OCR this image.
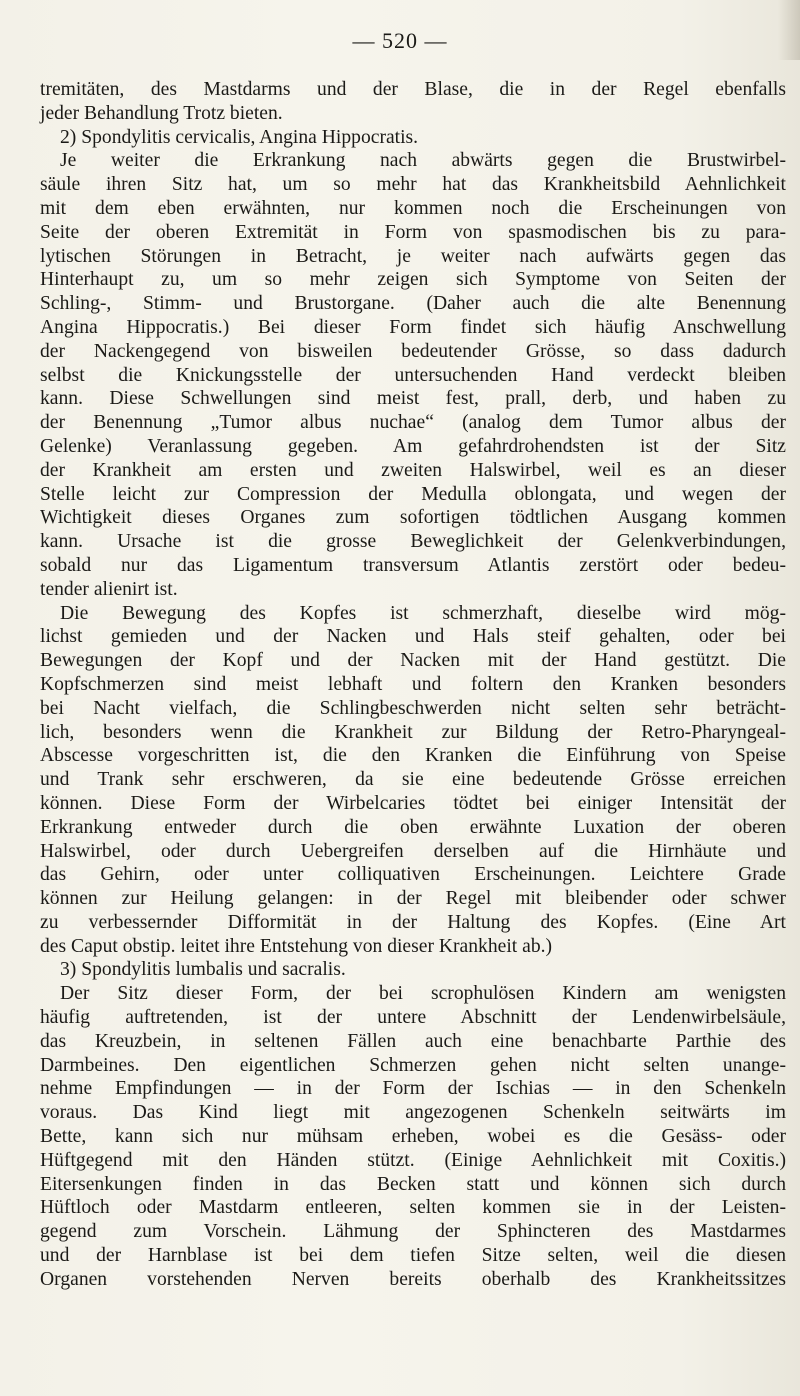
— 520 —
tremitäten, des Mastdarms und der Blase, die in der Regel ebenfalls
jeder Behandlung Trotz bieten.
2) Spondylitis cervicalis, Angina Hippocratis.
Je weiter die Erkrankung nach abwärts gegen die Brustwirbel-
säule ihren Sitz hat, um so mehr hat das Krankheitsbild Aehnlichkeit
mit dem eben erwähnten, nur kommen noch die Erscheinungen von
Seite der oberen Extremität in Form von spasmodischen bis zu para-
lytischen Störungen in Betracht, je weiter nach aufwärts gegen das
Hinterhaupt zu, um so mehr zeigen sich Symptome von Seiten der
Schling-, Stimm- und Brustorgane. (Daher auch die alte Benennung
Angina Hippocratis.) Bei dieser Form findet sich häufig Anschwellung
der Nackengegend von bisweilen bedeutender Grösse, so dass dadurch
selbst die Knickungsstelle der untersuchenden Hand verdeckt bleiben
kann. Diese Schwellungen sind meist fest, prall, derb, und haben zu
der Benennung „Tumor albus nuchae“ (analog dem Tumor albus der
Gelenke) Veranlassung gegeben. Am gefahrdrohendsten ist der Sitz
der Krankheit am ersten und zweiten Halswirbel, weil es an dieser
Stelle leicht zur Compression der Medulla oblongata, und wegen der
Wichtigkeit dieses Organes zum sofortigen tödtlichen Ausgang kommen
kann. Ursache ist die grosse Beweglichkeit der Gelenkverbindungen,
sobald nur das Ligamentum transversum Atlantis zerstört oder bedeu-
tender alienirt ist.
Die Bewegung des Kopfes ist schmerzhaft, dieselbe wird mög-
lichst gemieden und der Nacken und Hals steif gehalten, oder bei
Bewegungen der Kopf und der Nacken mit der Hand gestützt. Die
Kopfschmerzen sind meist lebhaft und foltern den Kranken besonders
bei Nacht vielfach, die Schlingbeschwerden nicht selten sehr beträcht-
lich, besonders wenn die Krankheit zur Bildung der Retro-Pharyngeal-
Abscesse vorgeschritten ist, die den Kranken die Einführung von Speise
und Trank sehr erschweren, da sie eine bedeutende Grösse erreichen
können. Diese Form der Wirbelcaries tödtet bei einiger Intensität der
Erkrankung entweder durch die oben erwähnte Luxation der oberen
Halswirbel, oder durch Uebergreifen derselben auf die Hirnhäute und
das Gehirn, oder unter colliquativen Erscheinungen. Leichtere Grade
können zur Heilung gelangen: in der Regel mit bleibender oder schwer
zu verbessernder Difformität in der Haltung des Kopfes. (Eine Art
des Caput obstip. leitet ihre Entstehung von dieser Krankheit ab.)
3) Spondylitis lumbalis und sacralis.
Der Sitz dieser Form, der bei scrophulösen Kindern am wenigsten
häufig auftretenden, ist der untere Abschnitt der Lendenwirbelsäule,
das Kreuzbein, in seltenen Fällen auch eine benachbarte Parthie des
Darmbeines. Den eigentlichen Schmerzen gehen nicht selten unange-
nehme Empfindungen — in der Form der Ischias — in den Schenkeln
voraus. Das Kind liegt mit angezogenen Schenkeln seitwärts im
Bette, kann sich nur mühsam erheben, wobei es die Gesäss- oder
Hüftgegend mit den Händen stützt. (Einige Aehnlichkeit mit Coxitis.)
Eitersenkungen finden in das Becken statt und können sich durch
Hüftloch oder Mastdarm entleeren, selten kommen sie in der Leisten-
gegend zum Vorschein. Lähmung der Sphincteren des Mastdarmes
und der Harnblase ist bei dem tiefen Sitze selten, weil die diesen
Organen vorstehenden Nerven bereits oberhalb des Krankheitssitzes
